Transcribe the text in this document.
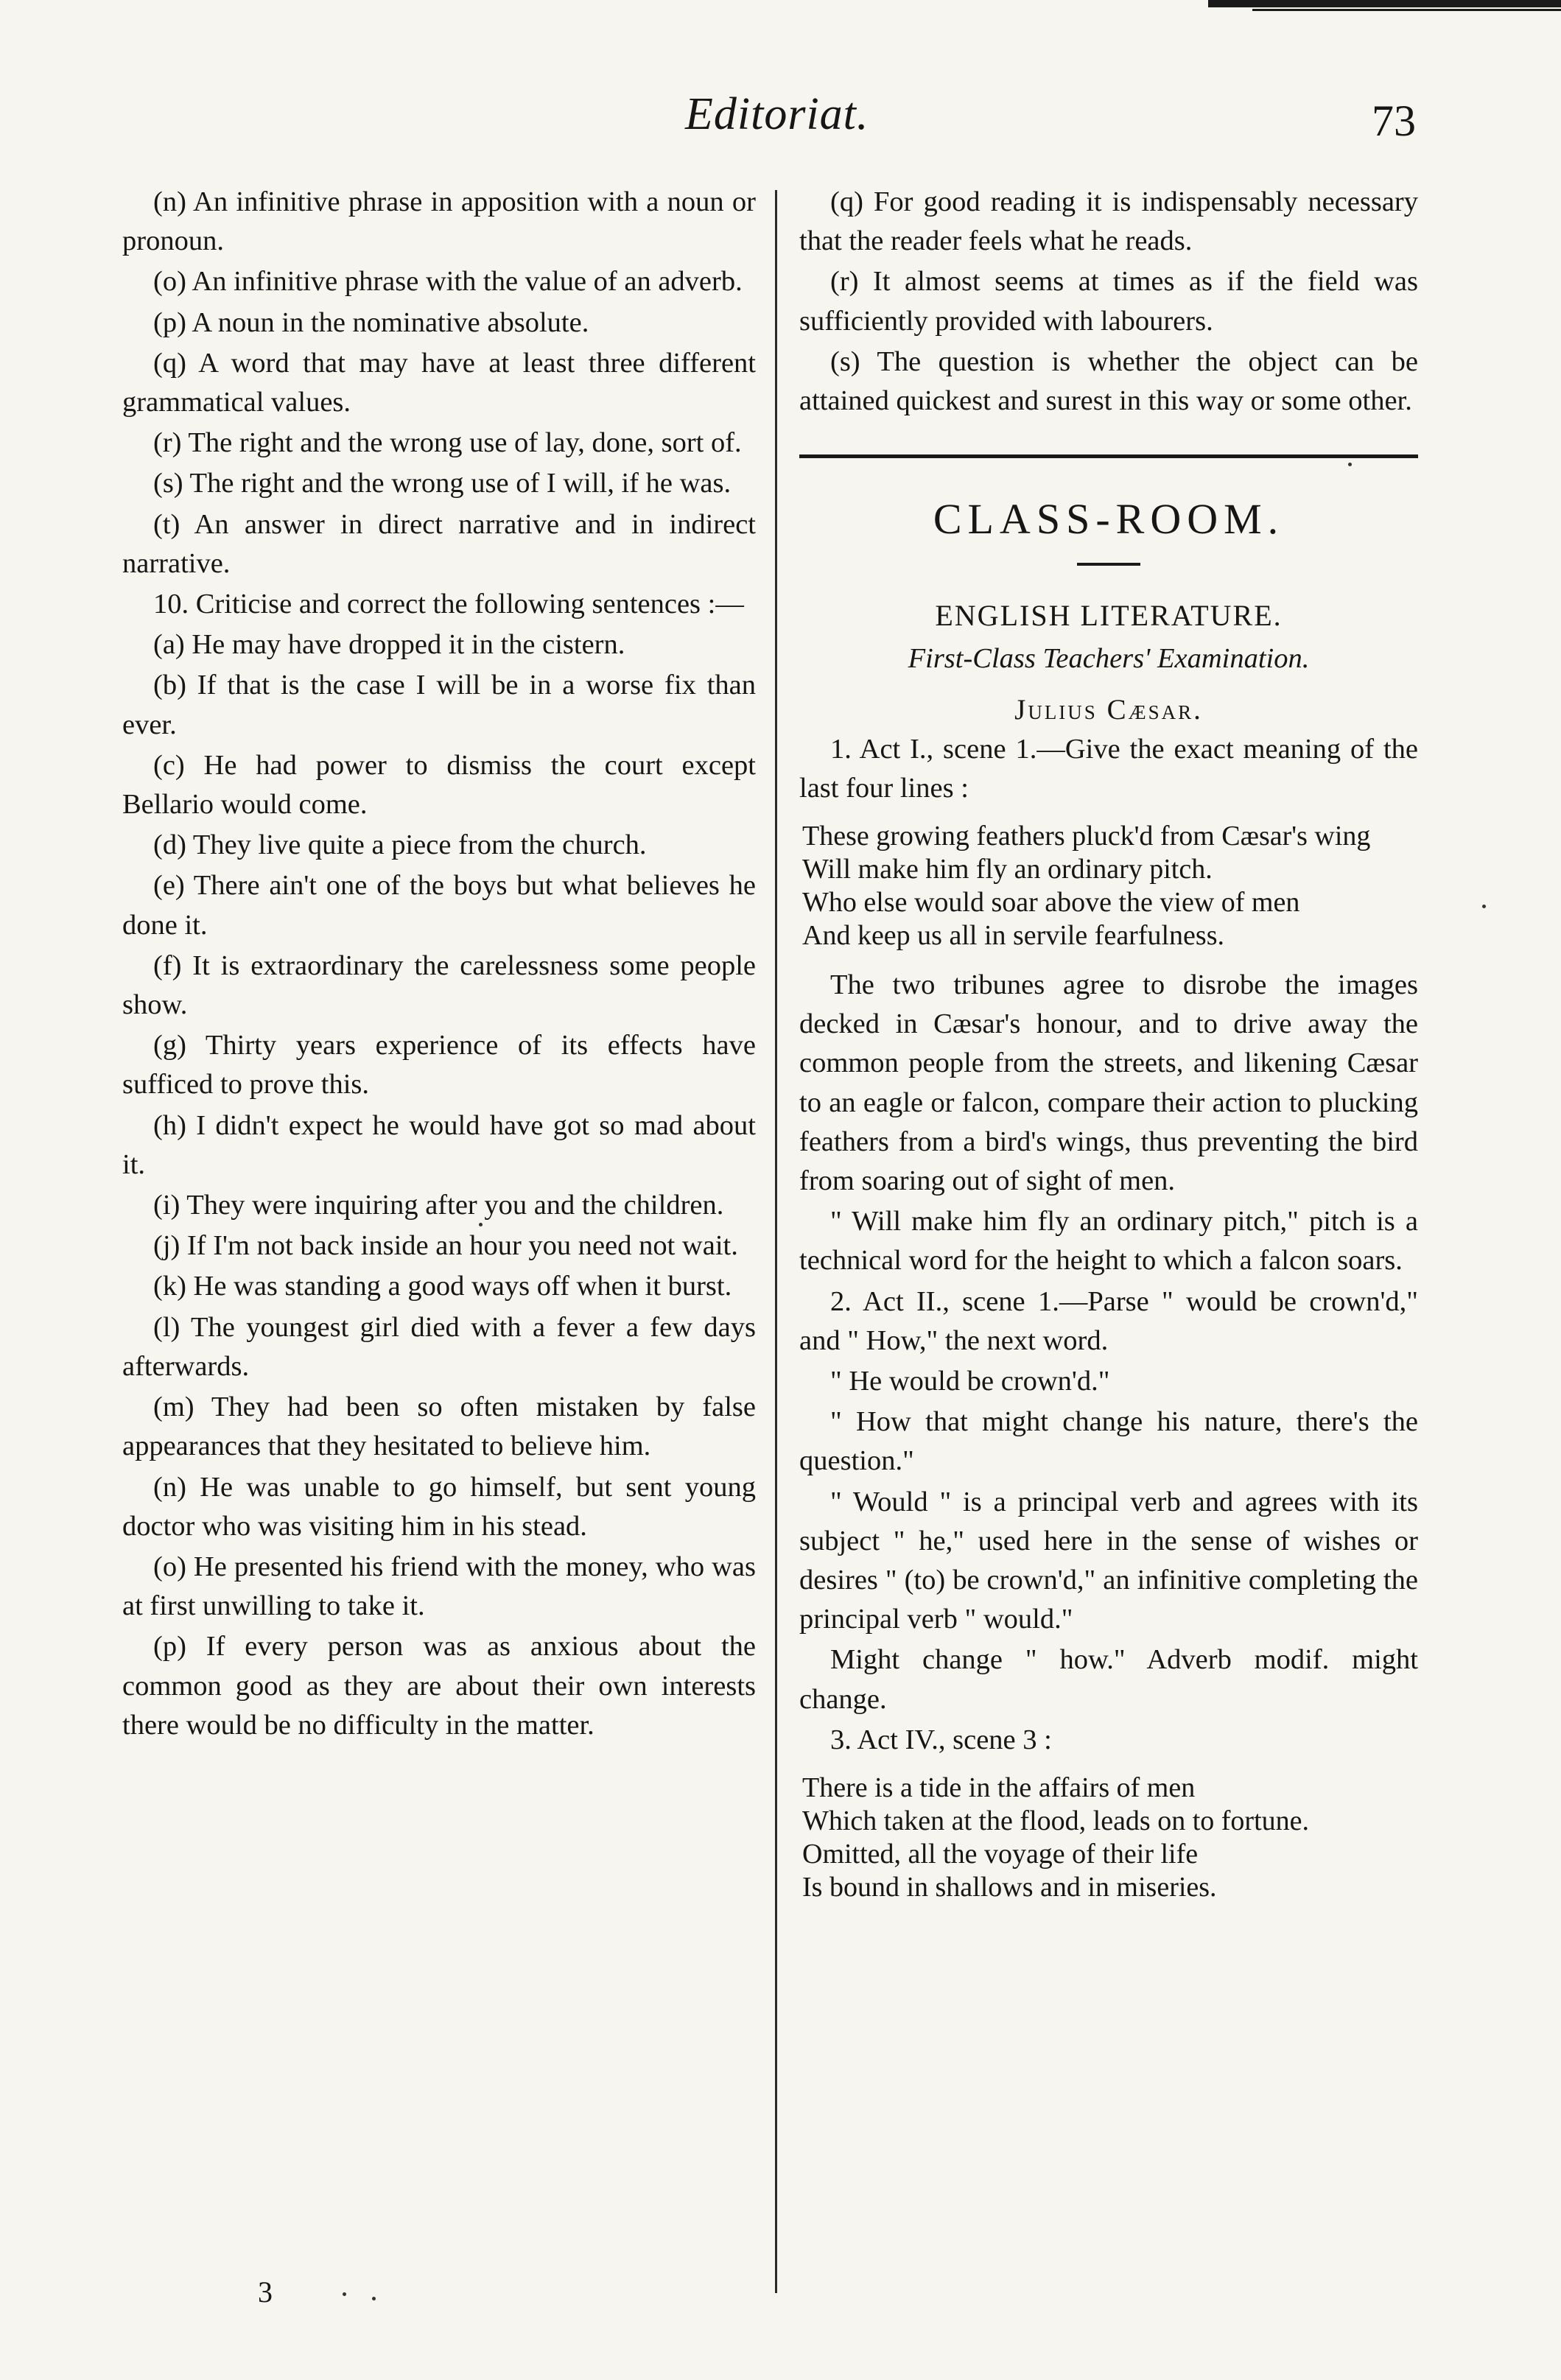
Editoriat.	73

(n) An infinitive phrase in apposition with a noun or pronoun.

(o) An infinitive phrase with the value of an adverb.

(p) A noun in the nominative absolute.

(q) A word that may have at least three different grammatical values.

(r) The right and the wrong use of lay, done, sort of.

(s) The right and the wrong use of I will, if he was.

(t) An answer in direct narrative and in indirect narrative.

10. Criticise and correct the following sentences :—

(a) He may have dropped it in the cistern.

(b) If that is the case I will be in a worse fix than ever.

(c) He had power to dismiss the court except Bellario would come.

(d) They live quite a piece from the church.

(e) There ain't one of the boys but what believes he done it.

(f) It is extraordinary the carelessness some people show.

(g) Thirty years experience of its effects have sufficed to prove this.

(h) I didn't expect he would have got so mad about it.

(i) They were inquiring after you and the children.

(j) If I'm not back inside an hour you need not wait.

(k) He was standing a good ways off when it burst.

(l) The youngest girl died with a fever a few days afterwards.

(m) They had been so often mistaken by false appearances that they hesitated to believe him.

(n) He was unable to go himself, but sent young doctor who was visiting him in his stead.

(o) He presented his friend with the money, who was at first unwilling to take it.

(p) If every person was as anxious about the common good as they are about their own interests there would be no difficulty in the matter.

(q) For good reading it is indispensably necessary that the reader feels what he reads.

(r) It almost seems at times as if the field was sufficiently provided with labourers.

(s) The question is whether the object can be attained quickest and surest in this way or some other.

CLASS-ROOM.
ENGLISH LITERATURE.
First-Class Teachers' Examination.
Julius Cæsar.

1. Act I., scene 1.—Give the exact meaning of the last four lines :

These growing feathers pluck'd from Cæsar's wing
Will make him fly an ordinary pitch.
Who else would soar above the view of men
And keep us all in servile fearfulness.

The two tribunes agree to disrobe the images decked in Cæsar's honour, and to drive away the common people from the streets, and likening Cæsar to an eagle or falcon, compare their action to plucking feathers from a bird's wings, thus preventing the bird from soaring out of sight of men.

" Will make him fly an ordinary pitch," pitch is a technical word for the height to which a falcon soars.

2. Act II., scene 1.—Parse " would be crown'd," and " How," the next word.

" He would be crown'd."

" How that might change his nature, there's the question."

" Would " is a principal verb and agrees with its subject " he," used here in the sense of wishes or desires " (to) be crown'd," an infinitive completing the principal verb " would."

Might change " how." Adverb modif. might change.

3. Act IV., scene 3 :

There is a tide in the affairs of men
Which taken at the flood, leads on to fortune.
Omitted, all the voyage of their life
Is bound in shallows and in miseries.
3
